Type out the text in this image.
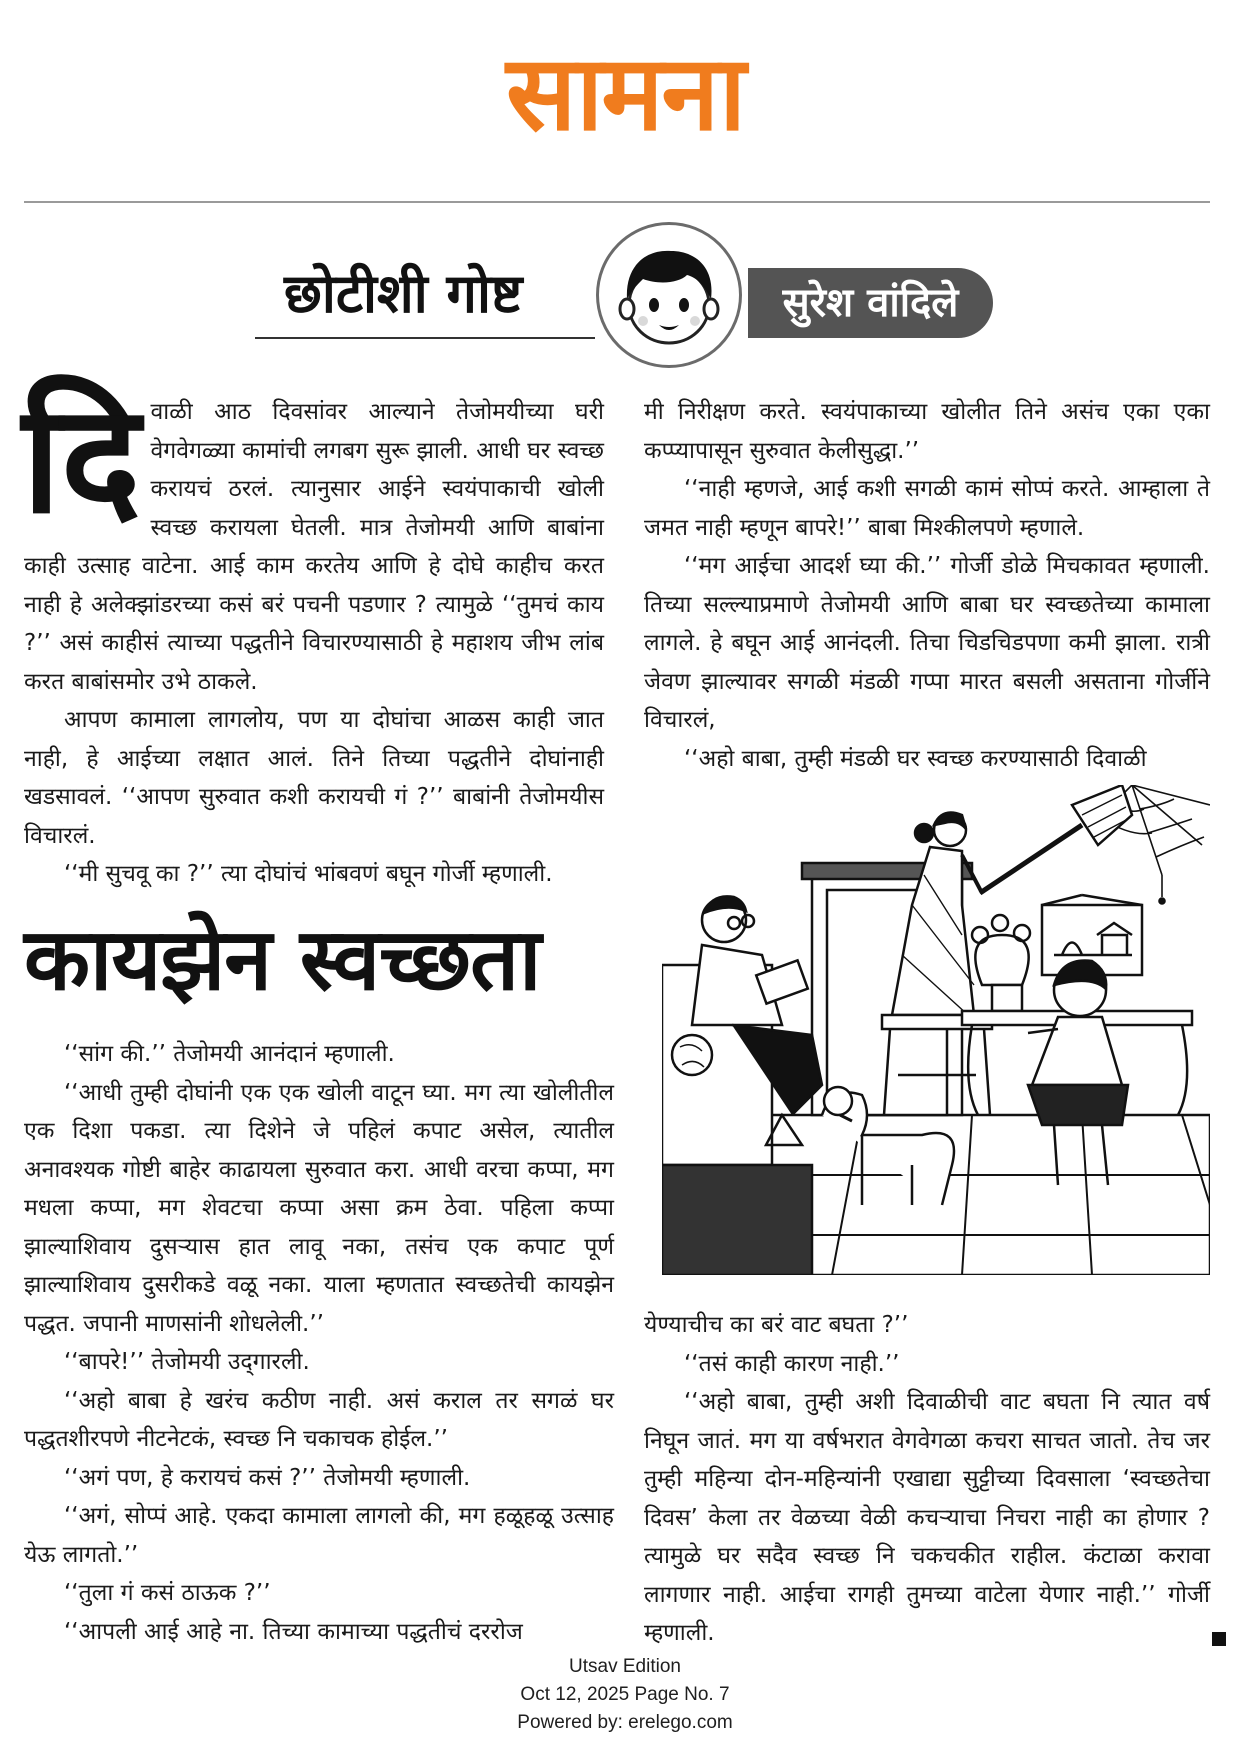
सामना
छोटीशी गोष्ट	सुरेश वांदिले

दिवाळी आठ दिवसांवर आल्याने तेजोमयीच्या घरी वेगवेगळ्या कामांची लगबग सुरू झाली. आधी घर स्वच्छ करायचं ठरलं. त्यानुसार आईने स्वयंपाकाची खोली स्वच्छ करायला घेतली. मात्र तेजोमयी आणि बाबांना काही उत्साह वाटेना. आई काम करतेय आणि हे दोघे काहीच करत नाही हे अलेक्झांडरच्या कसं बरं पचनी पडणार ? त्यामुळे ‘‘तुमचं काय ?’’ असं काहीसं त्याच्या पद्धतीने विचारण्यासाठी हे महाशय जीभ लांब करत बाबांसमोर उभे ठाकले.

आपण कामाला लागलोय, पण या दोघांचा आळस काही जात नाही, हे आईच्या लक्षात आलं. तिने तिच्या पद्धतीने दोघांनाही खडसावलं. ‘‘आपण सुरुवात कशी करायची गं ?’’ बाबांनी तेजोमयीस विचारलं.

‘‘मी सुचवू का ?’’ त्या दोघांचं भांबवणं बघून गोर्जी म्हणाली.

कायझेन स्वच्छता

‘‘सांग की.’’ तेजोमयी आनंदानं म्हणाली.

‘‘आधी तुम्ही दोघांनी एक एक खोली वाटून घ्या. मग त्या खोलीतील एक दिशा पकडा. त्या दिशेने जे पहिलं कपाट असेल, त्यातील अनावश्यक गोष्टी बाहेर काढायला सुरुवात करा. आधी वरचा कप्पा, मग मधला कप्पा, मग शेवटचा कप्पा असा क्रम ठेवा. पहिला कप्पा झाल्याशिवाय दुसऱ्यास हात लावू नका, तसंच एक कपाट पूर्ण झाल्याशिवाय दुसरीकडे वळू नका. याला म्हणतात स्वच्छतेची कायझेन पद्धत. जपानी माणसांनी शोधलेली.’’

‘‘बापरे!’’ तेजोमयी उद्‌गारली.

‘‘अहो बाबा हे खरंच कठीण नाही. असं कराल तर सगळं घर पद्धतशीरपणे नीटनेटकं, स्वच्छ नि चकाचक होईल.’’

‘‘अगं पण, हे करायचं कसं ?’’ तेजोमयी म्हणाली.

‘‘अगं, सोप्पं आहे. एकदा कामाला लागलो की, मग हळूहळू उत्साह येऊ लागतो.’’

‘‘तुला गं कसं ठाऊक ?’’

‘‘आपली आई आहे ना. तिच्या कामाच्या पद्धतीचं दररोज

मी निरीक्षण करते. स्वयंपाकाच्या खोलीत तिने असंच एका एका कप्प्यापासून सुरुवात केलीसुद्धा.’’

‘‘नाही म्हणजे, आई कशी सगळी कामं सोप्पं करते. आम्हाला ते जमत नाही म्हणून बापरे!’’ बाबा मिश्कीलपणे म्हणाले.

‘‘मग आईचा आदर्श घ्या की.’’ गोर्जी डोळे मिचकावत म्हणाली. तिच्या सल्ल्याप्रमाणे तेजोमयी आणि बाबा घर स्वच्छतेच्या कामाला लागले. हे बघून आई आनंदली. तिचा चिडचिडपणा कमी झाला. रात्री जेवण झाल्यावर सगळी मंडळी गप्पा मारत बसली असताना गोर्जीने विचारलं,

‘‘अहो बाबा, तुम्ही मंडळी घर स्वच्छ करण्यासाठी दिवाळी

येण्याचीच का बरं वाट बघता ?’’

‘‘तसं काही कारण नाही.’’

‘‘अहो बाबा, तुम्ही अशी दिवाळीची वाट बघता नि त्यात वर्ष निघून जातं. मग या वर्षभरात वेगवेगळा कचरा साचत जातो. तेच जर तुम्ही महिन्या दोन-महिन्यांनी एखाद्या सुट्टीच्या दिवसाला ‘स्वच्छतेचा दिवस’ केला तर वेळच्या वेळी कचऱ्याचा निचरा नाही का होणार ? त्यामुळे घर सदैव स्वच्छ नि चकचकीत राहील. कंटाळा करावा लागणार नाही. आईचा रागही तुमच्या वाटेला येणार नाही.’’ गोर्जी म्हणाली.

Utsav Edition
Oct 12, 2025 Page No. 7
Powered by: erelego.com
